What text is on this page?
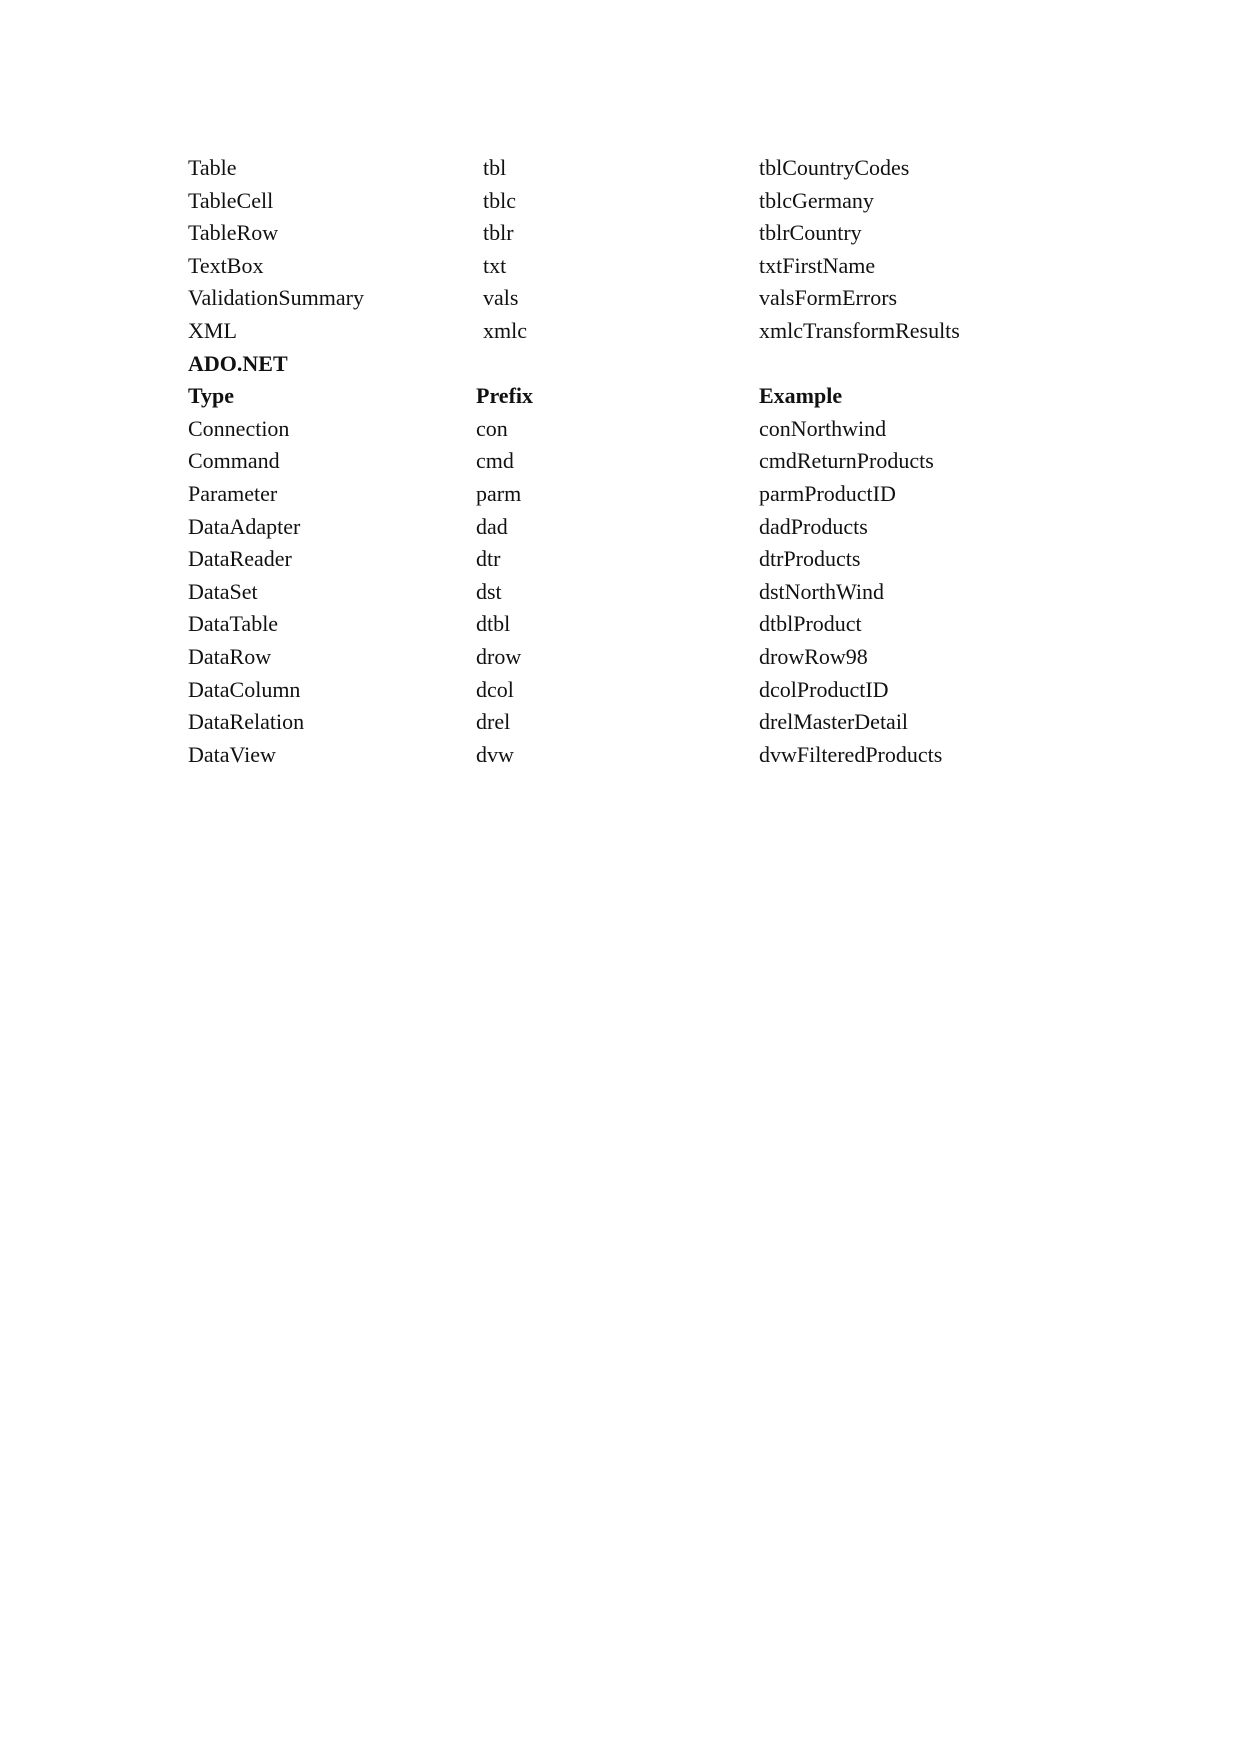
Table	tbl	tblCountryCodes
TableCell	tblc	tblcGermany
TableRow	tblr	tblrCountry
TextBox	txt	txtFirstName
ValidationSummary	vals	valsFormErrors
XML	xmlc	xmlcTransformResults
ADO.NET
Type	Prefix	Example
Connection	con	conNorthwind
Command	cmd	cmdReturnProducts
Parameter	parm	parmProductID
DataAdapter	dad	dadProducts
DataReader	dtr	dtrProducts
DataSet	dst	dstNorthWind
DataTable	dtbl	dtblProduct
DataRow	drow	drowRow98
DataColumn	dcol	dcolProductID
DataRelation	drel	drelMasterDetail
DataView	dvw	dvwFilteredProducts
